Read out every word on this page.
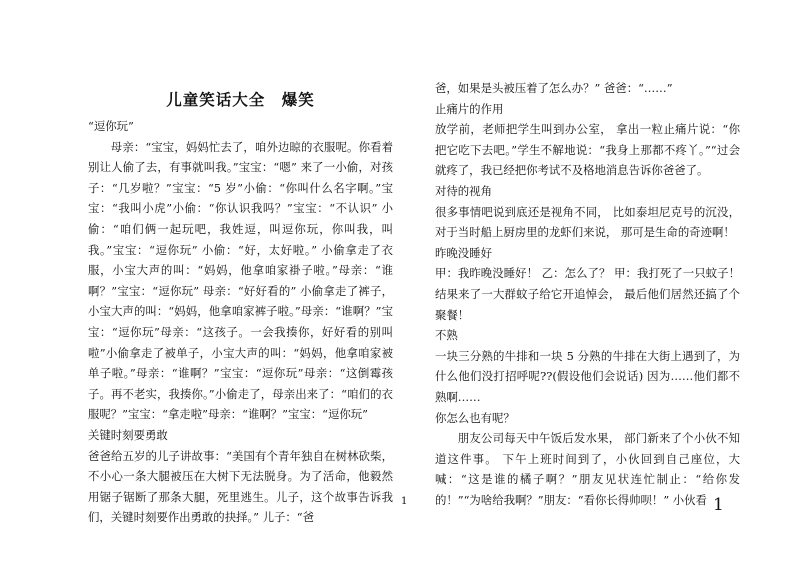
儿童笑话大全　爆笑

“逗你玩”

母亲：“宝宝，妈妈忙去了，咱外边晾的衣服呢。你看着别让人偷了去，有事就叫我。”宝宝：“嗯” 来了一小偷，对孩子：“几岁啦？”宝宝：“5 岁”小偷：“你叫什么名字啊。”宝宝：“我叫小虎”小偷：“你认识我吗？”宝宝：“不认识” 小偷：“咱们俩一起玩吧，我姓逗，叫逗你玩，你叫我，叫我。”宝宝：“逗你玩” 小偷：“好，太好啦。” 小偷拿走了衣服，小宝大声的叫：“妈妈，他拿咱家褂子啦。”母亲：“谁啊？”宝宝：“逗你玩” 母亲：“好好看的” 小偷拿走了裤子，小宝大声的叫：“妈妈，他拿咱家裤子啦。”母亲：“谁啊？”宝宝：“逗你玩”母亲：“这孩子。一会我揍你，好好看的别叫啦”小偷拿走了被单子，小宝大声的叫：“妈妈，他拿咱家被单子啦。”母亲：“谁啊？”宝宝：“逗你玩”母亲：“这倒霉孩子。再不老实，我揍你。”小偷走了，母亲出来了：“咱们的衣服呢？”宝宝：“拿走啦”母亲：“谁啊？”宝宝：“逗你玩”

关键时刻要勇敢

爸爸给五岁的儿子讲故事：“美国有个青年独自在树林砍柴，不小心一条大腿被压在大树下无法脱身。为了活命，他毅然用锯子锯断了那条大腿，死里逃生。儿子，这个故事告诉我们，关键时刻要作出勇敢的抉择。” 儿子：“爸

爸，如果是头被压着了怎么办？” 爸爸：“……”

止痛片的作用

放学前，老师把学生叫到办公室， 拿出一粒止痛片说：“你把它吃下去吧。”学生不解地说：“我身上那都不疼丫。”“过会就疼了，我已经把你考试不及格地消息告诉你爸爸了。

对待的视角

很多事情吧说到底还是视角不同， 比如泰坦尼克号的沉没， 对于当时船上厨房里的龙虾们来说， 那可是生命的奇迹啊！

昨晚没睡好

甲：我昨晚没睡好！ 乙：怎么了？ 甲：我打死了一只蚊子！ 结果来了一大群蚊子给它开追悼会， 最后他们居然还搞了个聚餐！

不熟

一块三分熟的牛排和一块 5 分熟的牛排在大街上遇到了，为什么他们没打招呼呢??(假设他们会说话) 因为……他们都不熟啊……

你怎么也有呢？

朋友公司每天中午饭后发水果， 部门新来了个小伙不知道这件事。 下午上班时间到了，小伙回到自己座位，大喊：“这是谁的橘子啊？”朋友见状连忙制止：“给你发的！”“为啥给我啊？”朋友：“看你长得帅呗！” 小伙看

1	1
